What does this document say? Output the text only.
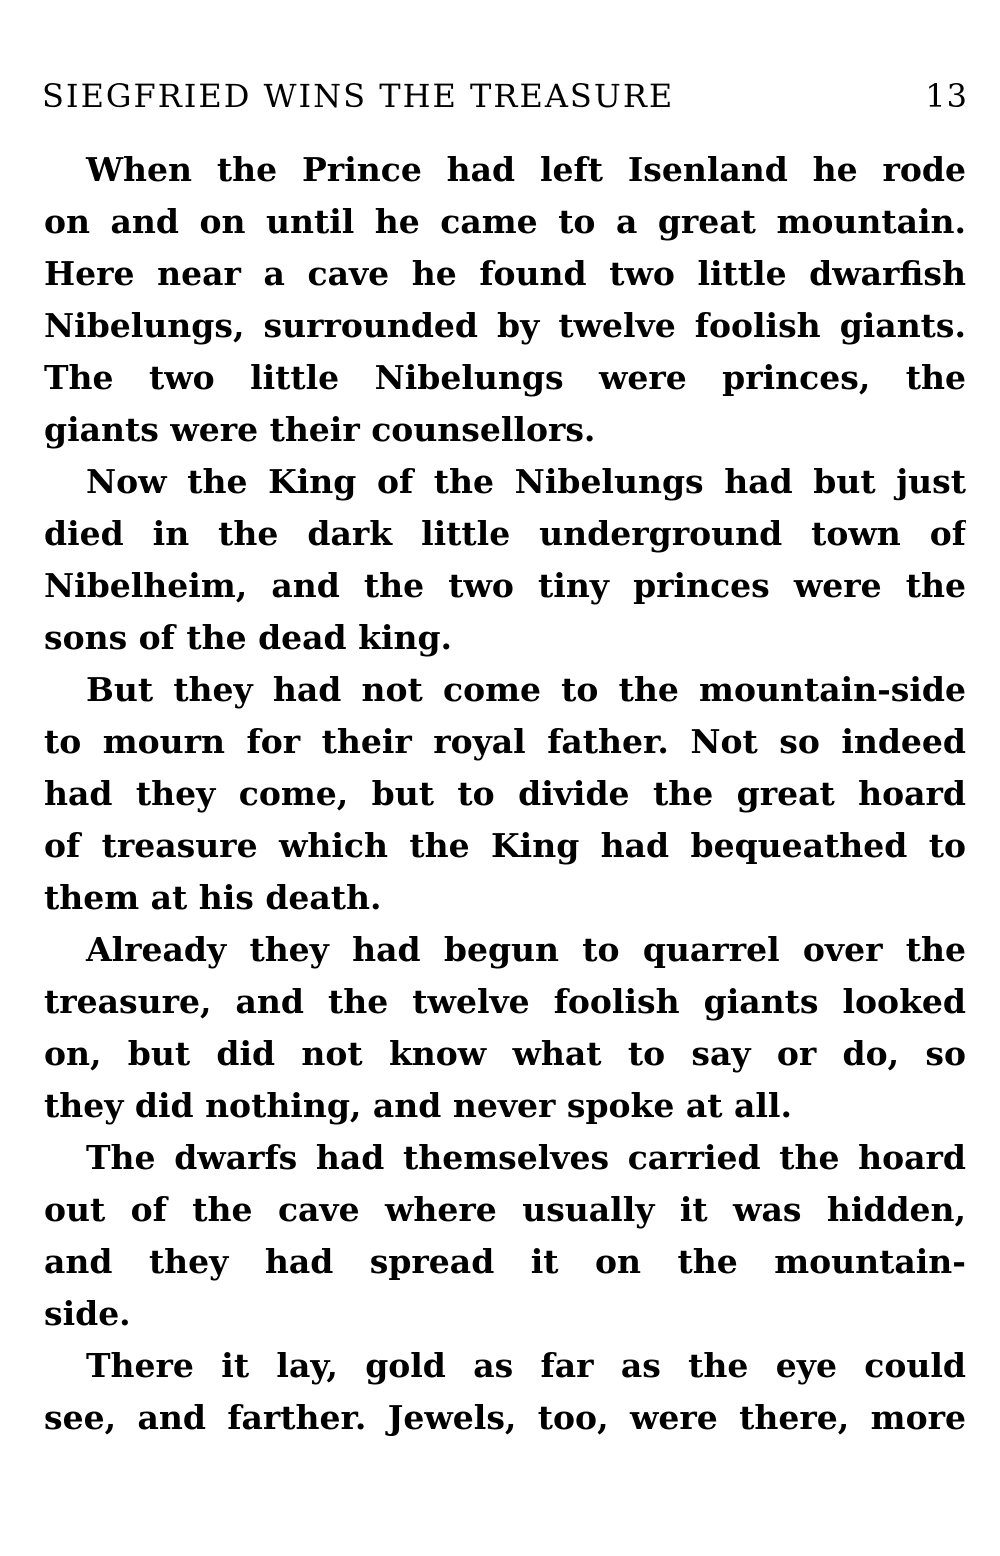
SIEGFRIED WINS THE TREASURE	13

When the Prince had left Isenland he rode
on and on until he came to a great mountain.
Here near a cave he found two little dwarfish
Nibelungs, surrounded by twelve foolish giants.
The two little Nibelungs were princes, the
giants were their counsellors.

Now the King of the Nibelungs had but just
died in the dark little underground town of
Nibelheim, and the two tiny princes were the
sons of the dead king.

But they had not come to the mountain-side
to mourn for their royal father. Not so indeed
had they come, but to divide the great hoard
of treasure which the King had bequeathed to
them at his death.

Already they had begun to quarrel over the
treasure, and the twelve foolish giants looked
on, but did not know what to say or do, so
they did nothing, and never spoke at all.

The dwarfs had themselves carried the hoard
out of the cave where usually it was hidden,
and they had spread it on the mountain-
side.

There it lay, gold as far as the eye could
see, and farther. Jewels, too, were there, more
